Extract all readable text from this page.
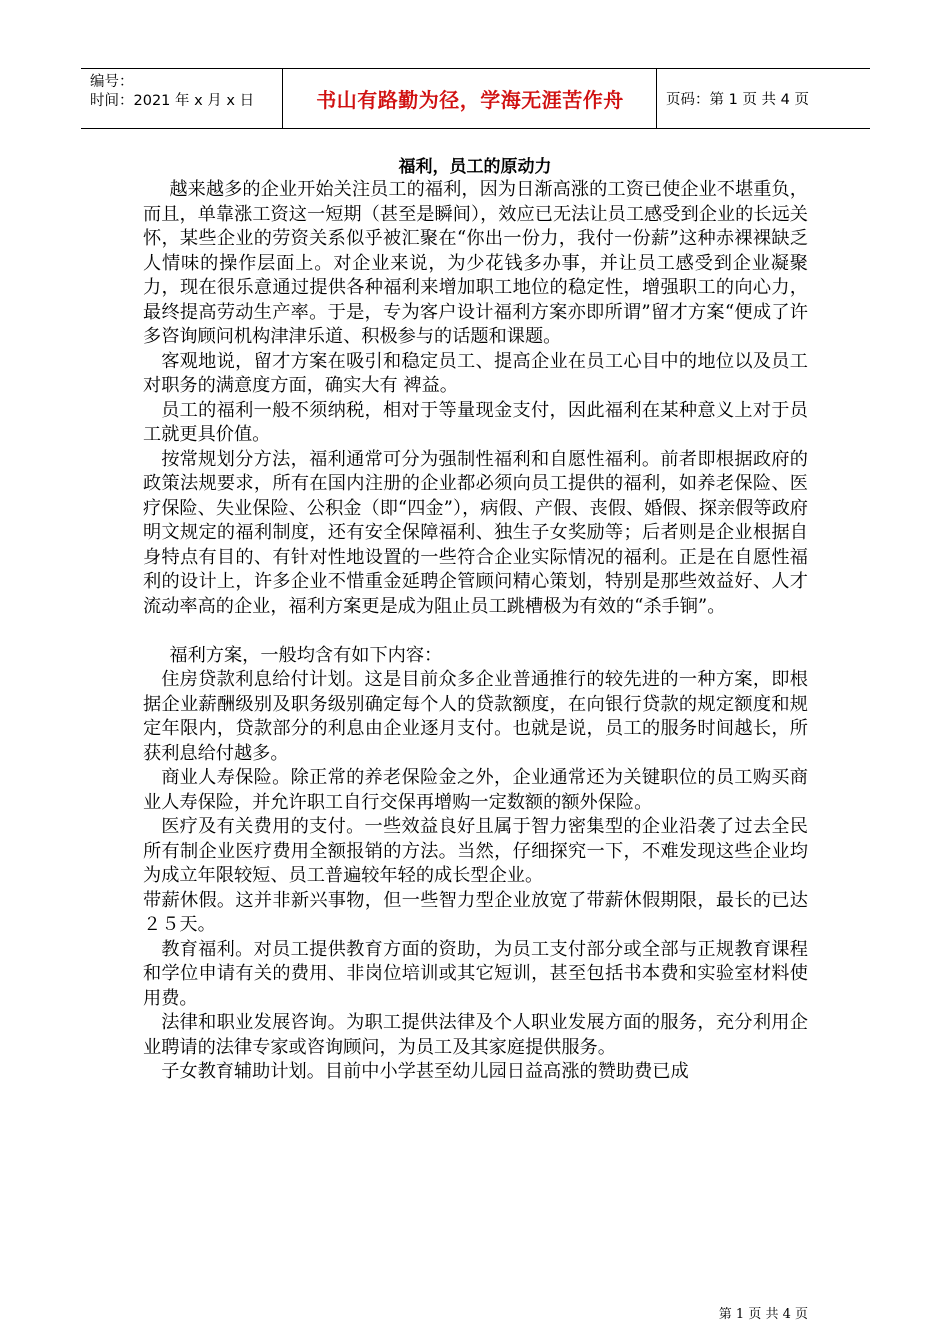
编号：
时间：2021 年 x 月 x 日	书山有路勤为径，学海无涯苦作舟	页码：第 1 页 共 4 页
福利，员工的原动力

越来越多的企业开始关注员工的福利，因为日渐高涨的工资已使企业不堪重负，而且，单靠涨工资这一短期（甚至是瞬间），效应已无法让员工感受到企业的长远关怀，某些企业的劳资关系似乎被汇聚在“你出一份力，我付一份薪”这种赤裸裸缺乏人情味的操作层面上。对企业来说，为少花钱多办事，并让员工感受到企业凝聚力，现在很乐意通过提供各种福利来增加职工地位的稳定性，增强职工的向心力，最终提高劳动生产率。于是，专为客户设计福利方案亦即所谓”留才方案“便成了许多咨询顾问机构津津乐道、积极参与的话题和课题。

客观地说，留才方案在吸引和稳定员工、提高企业在员工心目中的地位以及员工对职务的满意度方面，确实大有 裨益。

员工的福利一般不须纳税，相对于等量现金支付，因此福利在某种意义上对于员工就更具价值。

按常规划分方法，福利通常可分为强制性福利和自愿性福利。前者即根据政府的政策法规要求，所有在国内注册的企业都必须向员工提供的福利，如养老保险、医疗保险、失业保险、公积金（即“四金”），病假、产假、丧假、婚假、探亲假等政府明文规定的福利制度，还有安全保障福利、独生子女奖励等；后者则是企业根据自身特点有目的、有针对性地设置的一些符合企业实际情况的福利。正是在自愿性福利的设计上，许多企业不惜重金延聘企管顾问精心策划，特别是那些效益好、人才流动率高的企业，福利方案更是成为阻止员工跳槽极为有效的“杀手锏”。

福利方案，一般均含有如下内容：

住房贷款利息给付计划。这是目前众多企业普通推行的较先进的一种方案，即根据企业薪酬级别及职务级别确定每个人的贷款额度，在向银行贷款的规定额度和规定年限内，贷款部分的利息由企业逐月支付。也就是说，员工的服务时间越长，所获利息给付越多。

商业人寿保险。除正常的养老保险金之外，企业通常还为关键职位的员工购买商业人寿保险，并允许职工自行交保再增购一定数额的额外保险。

医疗及有关费用的支付。一些效益良好且属于智力密集型的企业沿袭了过去全民所有制企业医疗费用全额报销的方法。当然，仔细探究一下，不难发现这些企业均为成立年限较短、员工普遍较年轻的成长型企业。

带薪休假。这并非新兴事物，但一些智力型企业放宽了带薪休假期限，最长的已达２５天。

教育福利。对员工提供教育方面的资助，为员工支付部分或全部与正规教育课程和学位申请有关的费用、非岗位培训或其它短训，甚至包括书本费和实验室材料使用费。

法律和职业发展咨询。为职工提供法律及个人职业发展方面的服务，充分利用企业聘请的法律专家或咨询顾问，为员工及其家庭提供服务。

子女教育辅助计划。目前中小学甚至幼儿园日益高涨的赞助费已成

第 1 页 共 4 页
